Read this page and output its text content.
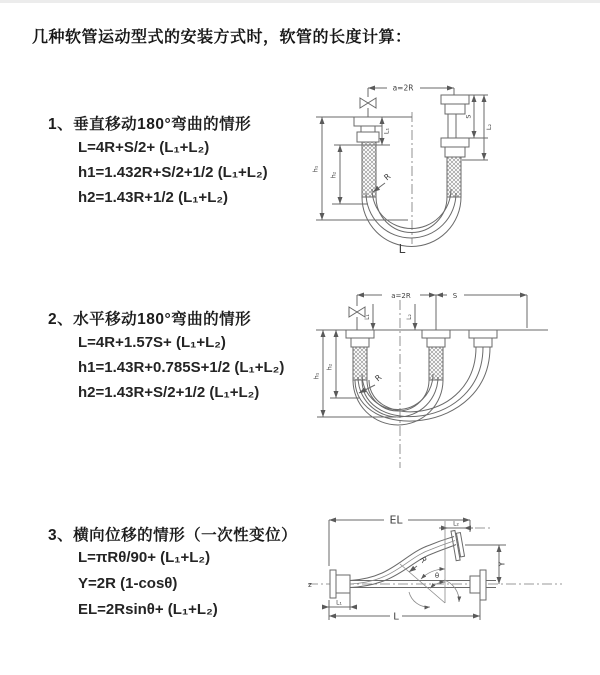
几种软管运动型式的安装方式时，软管的长度计算：
1、垂直移动180°弯曲的情形
L=4R+S/2+ (L₁+L₂)
h1=1.432R+S/2+1/2 (L₁+L₂)
h2=1.43R+1/2 (L₁+L₂)
2、水平移动180°弯曲的情形
L=4R+1.57S+ (L₁+L₂)
h1=1.43R+0.785S+1/2 (L₁+L₂)
h2=1.43R+S/2+1/2 (L₁+L₂)
3、横向位移的情形（一次性变位）
L=πRθ/90+ (L₁+L₂)
Y=2R (1-cosθ)
EL=2Rsinθ+ (L₁+L₂)
a=2R
L₁
S
L₂
h₁
h₂	R
L
a=2R	S
L₁	L₂
h₁
h₂
R
EL	L₂
Y
R
θ
L
L₁
z
